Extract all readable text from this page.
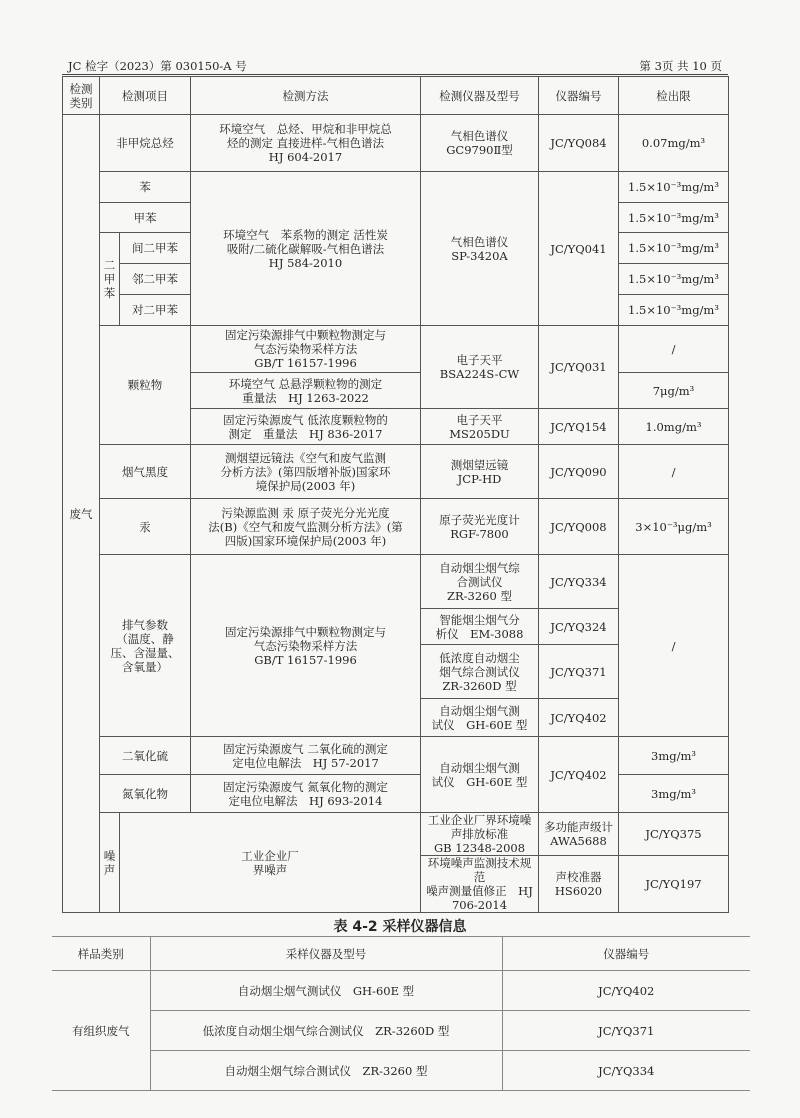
JC 检字（2023）第 030150-A 号	第 3页 共 10 页
检测类别	检测项目		检测方法	检测仪器及型号	仪器编号	检出限	
废气	非甲烷总烃		环境空气　总烃、甲烷和非甲烷总
烃的测定 直接进样-气相色谱法
HJ 604-2017	气相色谱仪
GC9790Ⅱ型	JC/YQ084	0.07mg/m³	
	苯		环境空气　苯系物的测定 活性炭
吸附/二硫化碳解吸-气相色谱法
HJ 584-2010	气相色谱仪
SP-3420A	JC/YQ041	1.5×10⁻³mg/m³	
	甲苯					1.5×10⁻³mg/m³	

	二甲苯	间二甲苯				1.5×10⁻³mg/m³	
		邻二甲苯				1.5×10⁻³mg/m³	
		对二甲苯				1.5×10⁻³mg/m³	
	颗粒物		固定污染源排气中颗粒物测定与
气态污染物采样方法
GB/T 16157-1996	电子天平
BSA224S-CW	JC/YQ031	/	

			环境空气 总悬浮颗粒物的测定
重量法　HJ 1263-2022			7μg/m³	

			固定污染源废气 低浓度颗粒物的
测定　重量法　HJ 836-2017	电子天平
MS205DU	JC/YQ154	1.0mg/m³	
	烟气黑度		测烟望远镜法《空气和废气监测
分析方法》(第四版增补版)国家环
境保护局(2003 年)	测烟望远镜
JCP-HD	JC/YQ090	/	
	汞		污染源监测 汞 原子荧光分光光度
法(B)《空气和废气监测分析方法》(第
四版)国家环境保护局(2003 年)	原子荧光光度计
RGF-7800	JC/YQ008	3×10⁻³μg/m³	

	排气参数
（温度、静
压、含湿量、
含氧量）		固定污染源排气中颗粒物测定与
气态污染物采样方法
GB/T 16157-1996	自动烟尘烟气综
合测试仪
ZR-3260 型	JC/YQ334	/	

				智能烟尘烟气分
析仪　EM-3088	JC/YQ324		

				低浓度自动烟尘
烟气综合测试仪
ZR-3260D 型	JC/YQ371		

				自动烟尘烟气测
试仪　GH-60E 型	JC/YQ402		
	二氧化硫		固定污染源废气 二氧化硫的测定
定电位电解法　HJ 57-2017	自动烟尘烟气测
试仪　GH-60E 型	JC/YQ402	3mg/m³	
	氮氧化物		固定污染源废气 氮氧化物的测定
定电位电解法　HJ 693-2014			3mg/m³	
	噪声	工业企业厂
界噪声		工业企业厂界环境噪声排放标准
GB 12348-2008	多功能声级计
AWA5688	JC/YQ375	

				环境噪声监测技术规范
噪声测量值修正　HJ 706-2014	声校准器
HS6020	JC/YQ197	
表 4-2 采样仪器信息
样品类别	采样仪器及型号	仪器编号
有组织废气	自动烟尘烟气测试仪　GH-60E 型	JC/YQ402
	低浓度自动烟尘烟气综合测试仪　ZR-3260D 型	JC/YQ371
	自动烟尘烟气综合测试仪　ZR-3260 型	JC/YQ334
